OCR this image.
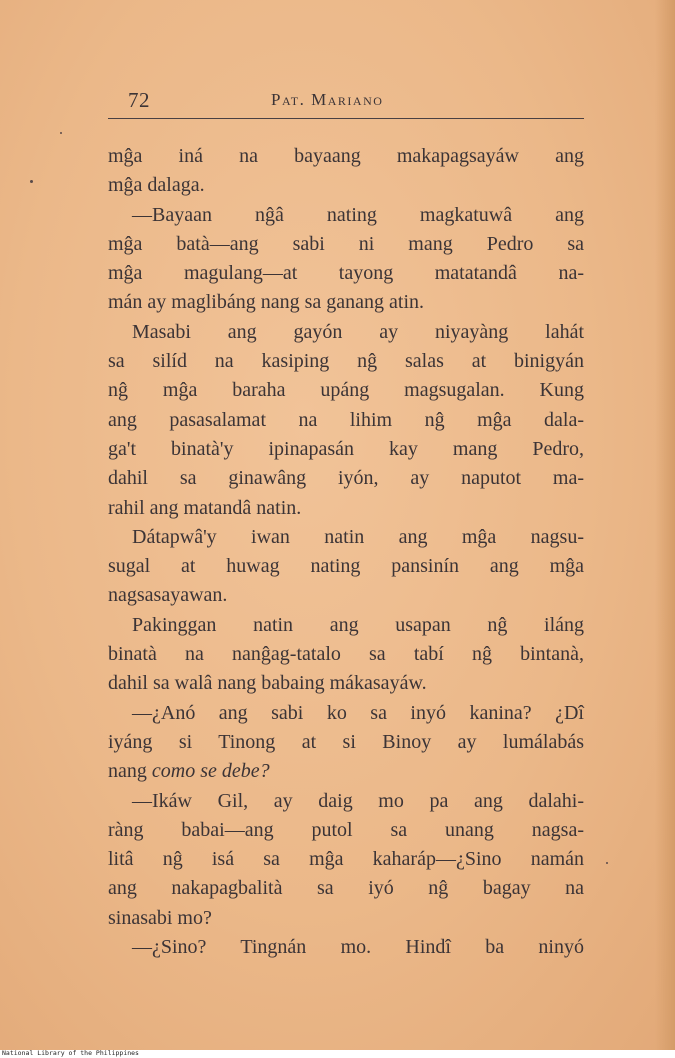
72	Pat. Mariano
mĝa iná na bayaang makapagsayáw ang
mĝa dalaga.
—Bayaan nĝâ nating magkatuwâ ang
mĝa batà—ang sabi ni mang Pedro sa
mĝa magulang—at tayong matatandâ na-
mán ay maglibáng nang sa ganang atin.
Masabi ang gayón ay niyayàng lahát
sa silíd na kasiping nĝ salas at binigyán
nĝ mĝa baraha upáng magsugalan. Kung
ang pasasalamat na lihim nĝ mĝa dala-
ga't binatà'y ipinapasán kay mang Pedro,
dahil sa ginawâng iyón, ay naputot ma-
rahil ang matandâ natin.
Dátapwâ'y iwan natin ang mĝa nagsu-
sugal at huwag nating pansinín ang mĝa
nagsasayawan.
Pakinggan natin ang usapan nĝ iláng
binatà na nanĝag-tatalo sa tabí nĝ bintanà,
dahil sa walâ nang babaing mákasayáw.
—¿Anó ang sabi ko sa inyó kanina? ¿Dî
iyáng si Tinong at si Binoy ay lumálabás
nang como se debe?
—Ikáw Gil, ay daig mo pa ang dalahi-
ràng babai—ang putol sa unang nagsa-
litâ nĝ isá sa mĝa kaharáp—¿Sino namán
ang nakapagbalità sa iyó nĝ bagay na
sinasabi mo?
—¿Sino? Tingnán mo. Hindî ba ninyó
National Library of the Philippines
